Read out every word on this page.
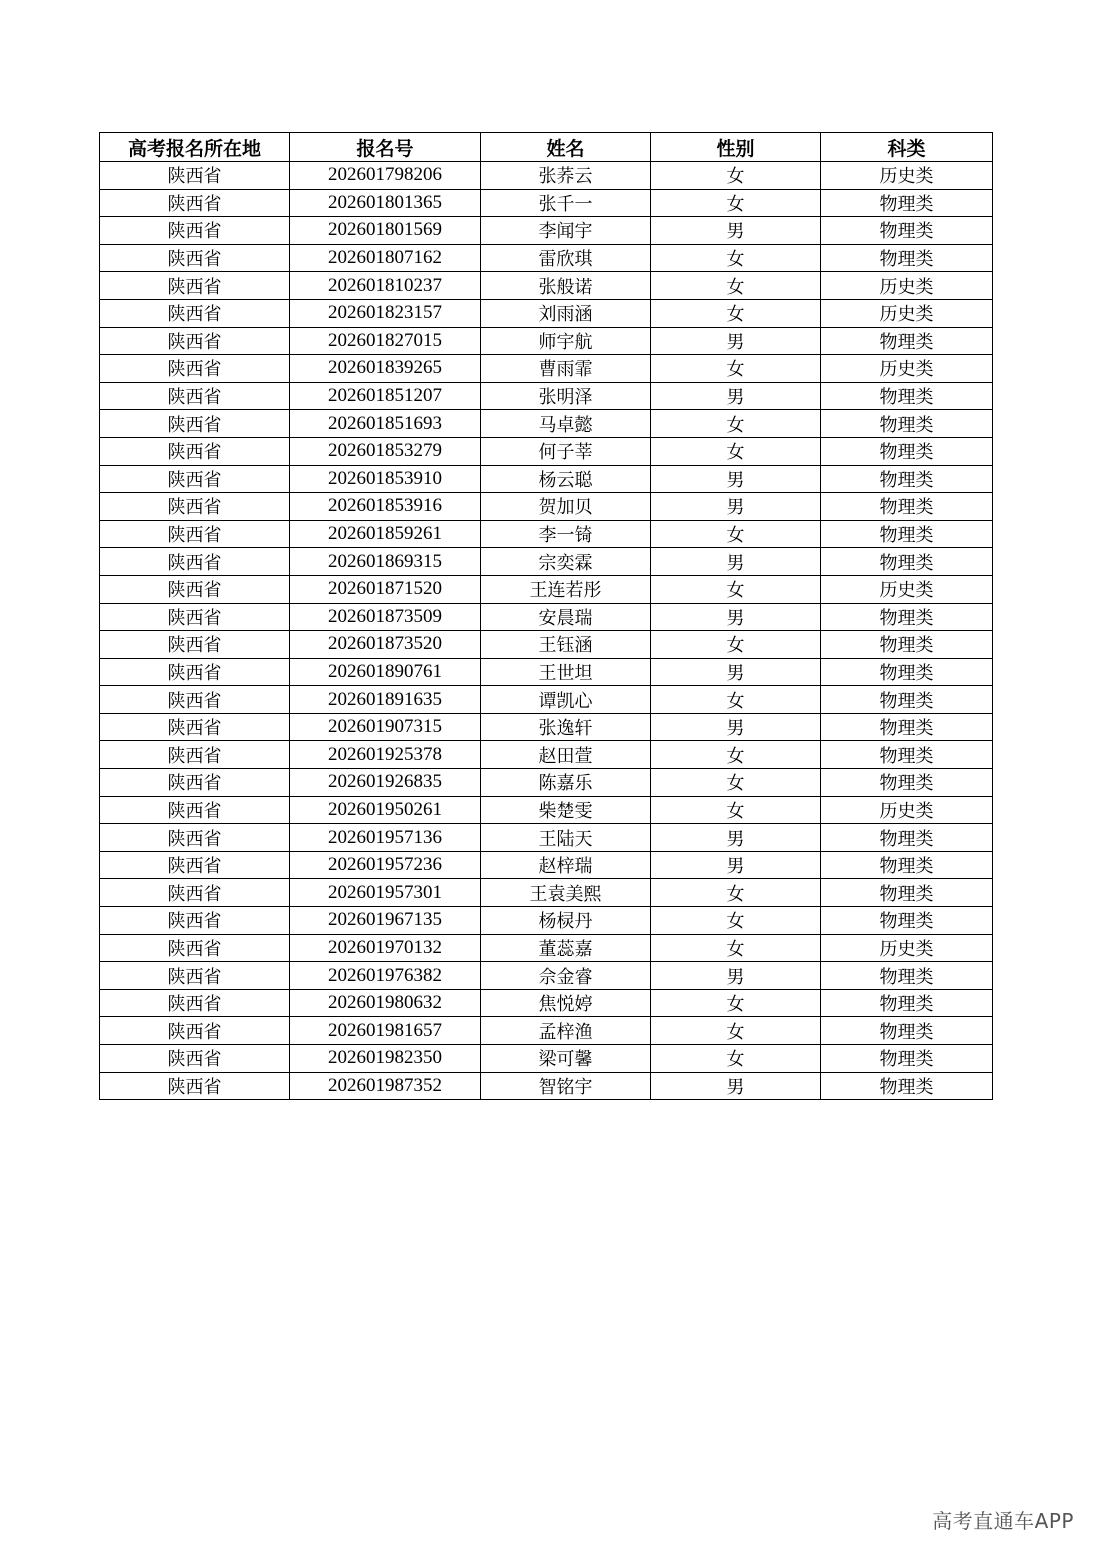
高考报名所在地	报名号	姓名	性别	科类
陕西省	202601798206	张荞云	女	历史类
陕西省	202601801365	张千一	女	物理类
陕西省	202601801569	李闻宇	男	物理类
陕西省	202601807162	雷欣琪	女	物理类
陕西省	202601810237	张般诺	女	历史类
陕西省	202601823157	刘雨涵	女	历史类
陕西省	202601827015	师宇航	男	物理类
陕西省	202601839265	曹雨霏	女	历史类
陕西省	202601851207	张明泽	男	物理类
陕西省	202601851693	马卓懿	女	物理类
陕西省	202601853279	何子莘	女	物理类
陕西省	202601853910	杨云聪	男	物理类
陕西省	202601853916	贺加贝	男	物理类
陕西省	202601859261	李一锜	女	物理类
陕西省	202601869315	宗奕霖	男	物理类
陕西省	202601871520	王连若彤	女	历史类
陕西省	202601873509	安晨瑞	男	物理类
陕西省	202601873520	王钰涵	女	物理类
陕西省	202601890761	王世坦	男	物理类
陕西省	202601891635	谭凯心	女	物理类
陕西省	202601907315	张逸轩	男	物理类
陕西省	202601925378	赵田萱	女	物理类
陕西省	202601926835	陈嘉乐	女	物理类
陕西省	202601950261	柴楚雯	女	历史类
陕西省	202601957136	王陆天	男	物理类
陕西省	202601957236	赵梓瑞	男	物理类
陕西省	202601957301	王袁美熙	女	物理类
陕西省	202601967135	杨棂丹	女	物理类
陕西省	202601970132	董蕊嘉	女	历史类
陕西省	202601976382	佘金睿	男	物理类
陕西省	202601980632	焦悦婷	女	物理类
陕西省	202601981657	孟梓渔	女	物理类
陕西省	202601982350	梁可馨	女	物理类
陕西省	202601987352	智铭宇	男	物理类
高考直通车APP
